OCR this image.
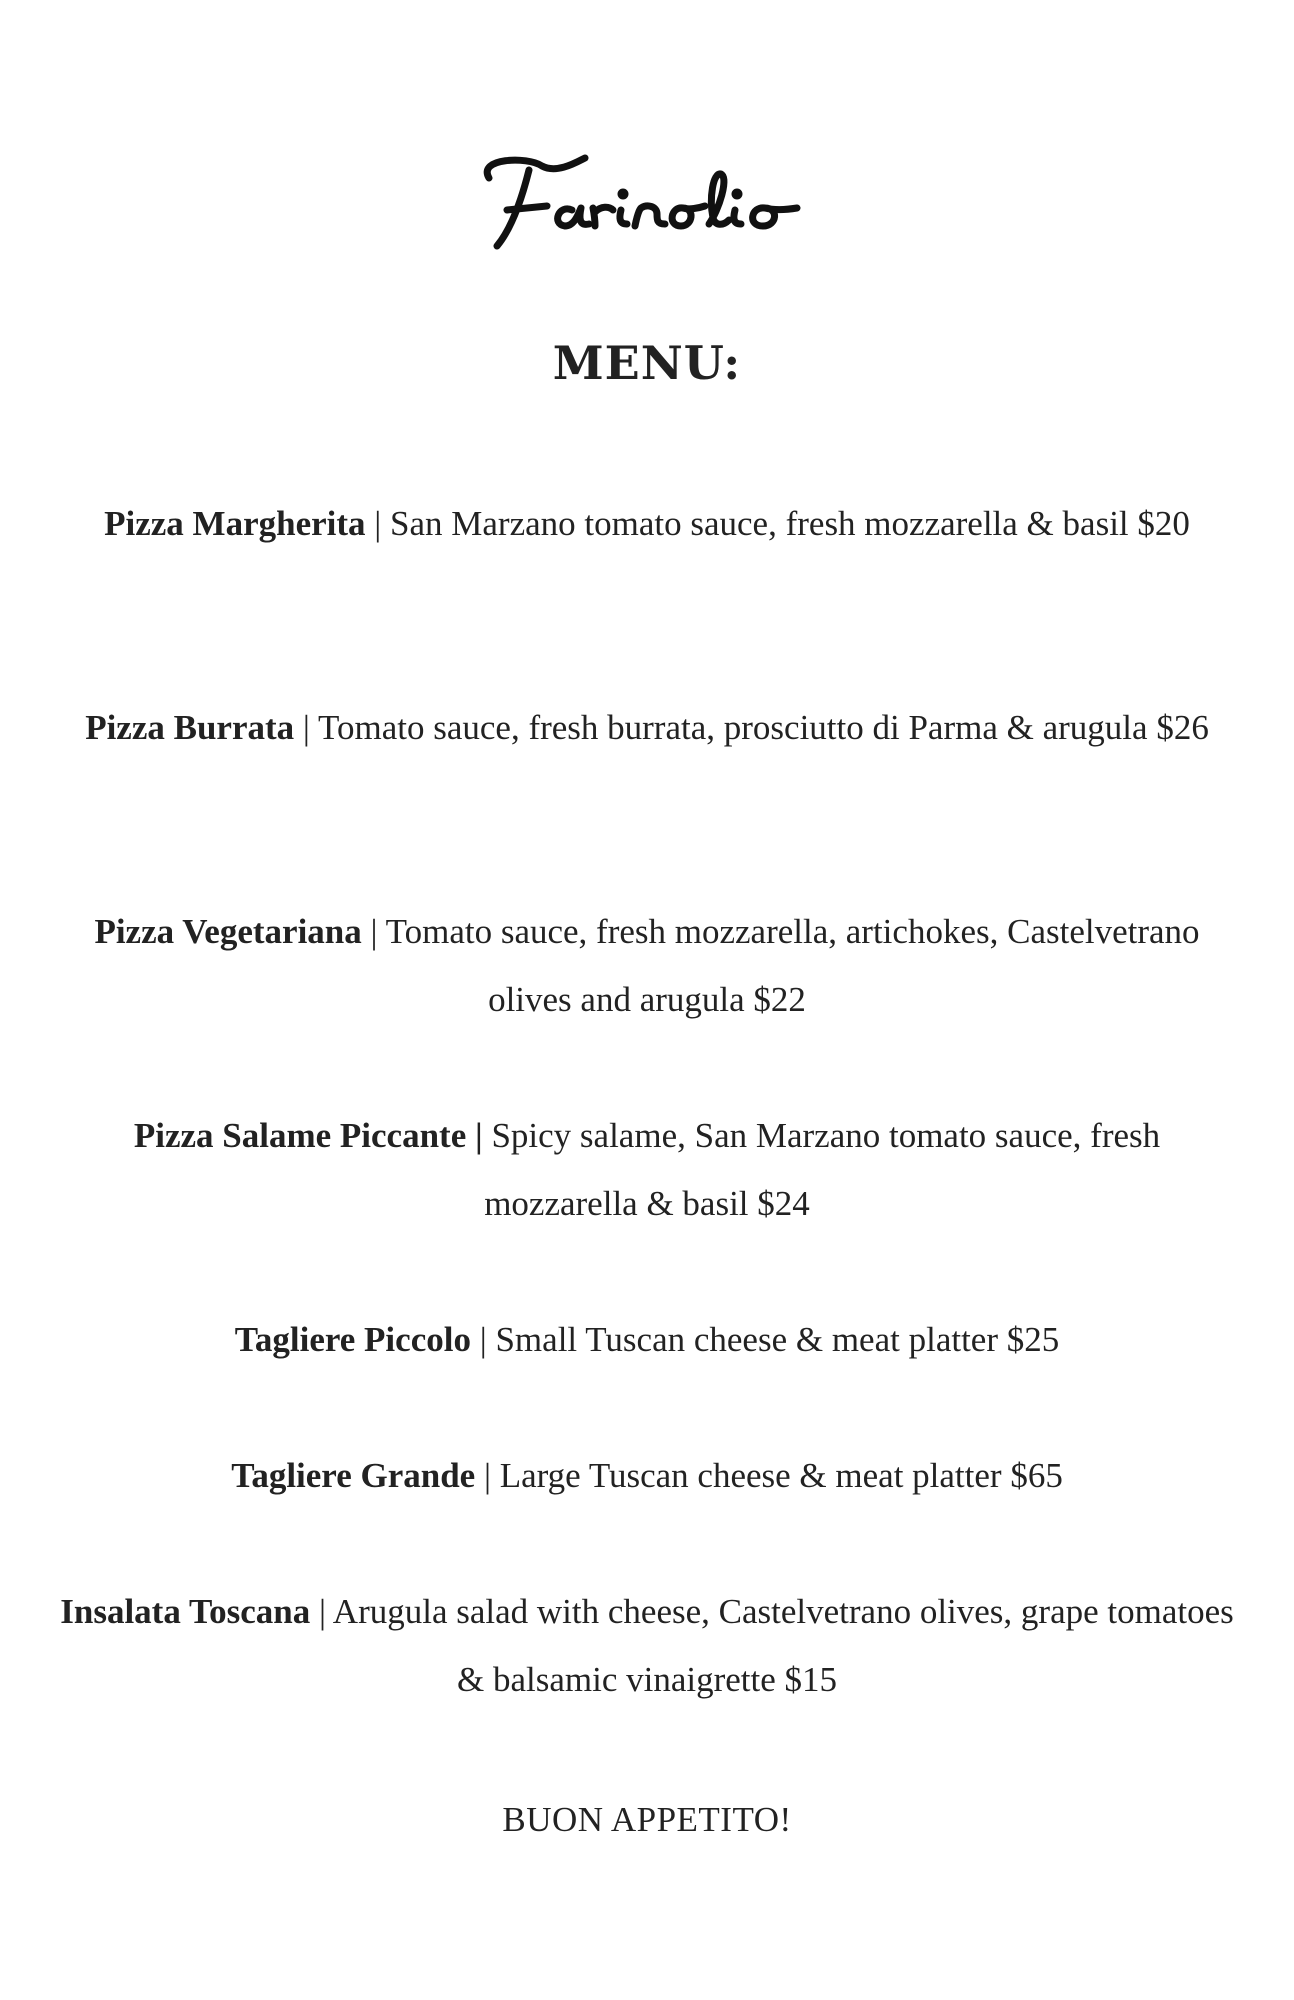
MENU:
Pizza Margherita | San Marzano tomato sauce, fresh mozzarella & basil $20
Pizza Burrata | Tomato sauce, fresh burrata, prosciutto di Parma & arugula $26
Pizza Vegetariana | Tomato sauce, fresh mozzarella, artichokes, Castelvetrano olives and arugula $22
Pizza Salame Piccante | Spicy salame, San Marzano tomato sauce, fresh mozzarella & basil $24
Tagliere Piccolo | Small Tuscan cheese & meat platter $25
Tagliere Grande | Large Tuscan cheese & meat platter $65
Insalata Toscana | Arugula salad with cheese, Castelvetrano olives, grape tomatoes & balsamic vinaigrette $15
BUON APPETITO!
